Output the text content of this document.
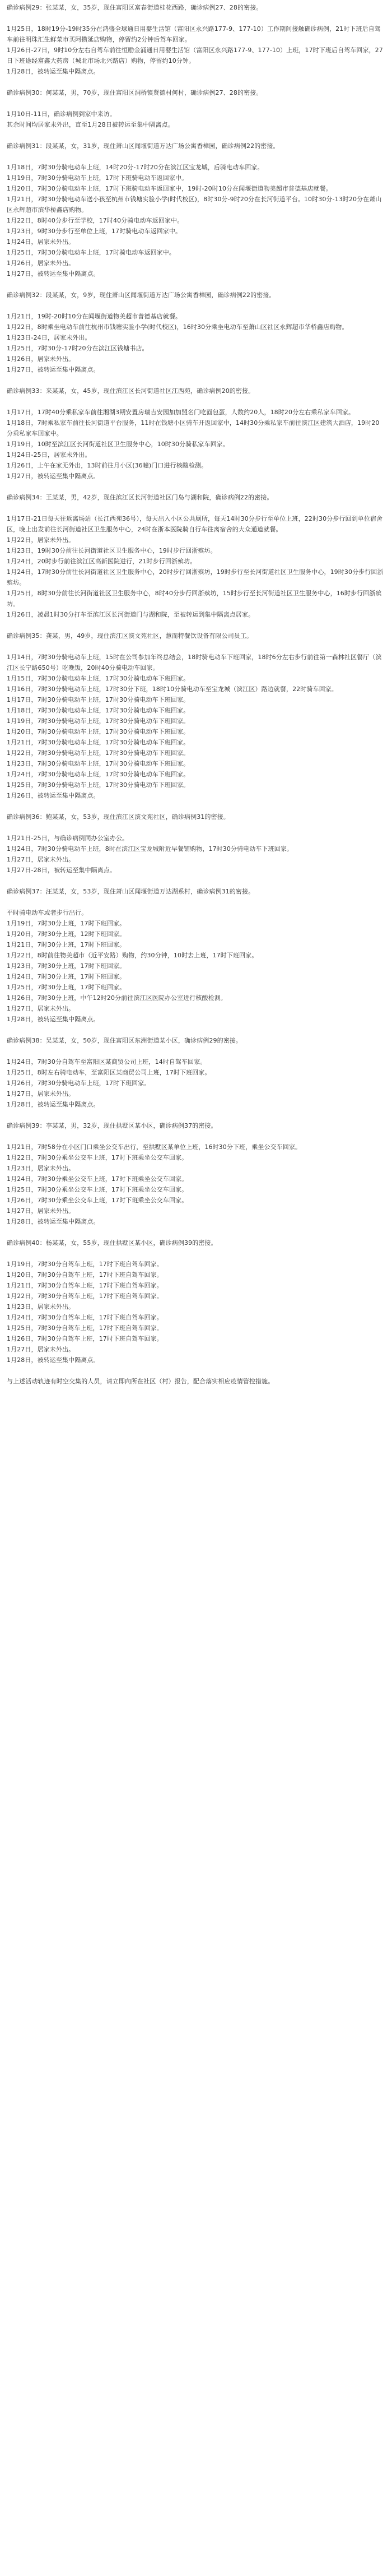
确诊病例29：张某某，女，35岁，现住富阳区富春街道桂花西路，确诊病例27、28的密接。

1月25日，18时19分-19时35分在鸿盛全球通日用婴生活馆（富阳区永兴路177-9、177-10）工作期间接触确诊病例，21时下班后自驾车前往明珠汇生鲜菜市买阿攒延店购物，停留约2分钟后驾车回家。
1月26日-27日，9时10分左右自驾车前往恒励金涌通日用婴生活馆（富阳区永兴路177-9、177-10）上班，17时下班后自驾车回家，27日下班途经富鑫大药房（城北市场北兴路店）购物，停留约10分钟。
1月28日，被转运至集中隔离点。

确诊病例30：何某某，男，70岁，现住富阳区洞桥镇贤德村何村，确诊病例27、28的密接。

1月10日-11日，确诊病例到家中来访。
其余时间均居家未外出，直至1月28日被转运至集中隔离点。

确诊病例31：段某某，女，31岁，现住萧山区闻堰街道万达广场公寓香樟园，确诊病例22的密接。

1月18日，7时30分骑电动车上班，14时20分-17时20分在滨江区宝龙城，后骑电动车回家。
1月19日，7时30分骑电动车上班，17时下班骑电动车返回家中。
1月20日，7时30分骑电动车上班，17时下班骑电动车返回家中，19时-20时10分在闻堰街道物美超市普德基店就餐。
1月21日，7时30分骑电动车送小孩至杭州市钱塘实验小学(时代校区)，8时30分-9时20分在长河街道平台。10时30分-13时20分在萧山区永辉超市滨华桥鑫店购物。

1月22日，8时40分步行至学校，17时40分骑电动车返回家中。
1月23日，9时30分步行至单位上班，17时骑电动车返回家中。
1月24日，居家未外出。
1月25日，7时30分骑电动车上班，17时骑电动车返回家中。
1月26日，居家未外出。
1月27日，被转运至集中隔离点。

确诊病例32：段某某，女，9岁，现住萧山区闻堰街道万达广场公寓香樟园，确诊病例22的密接。

1月21日，19时-20时10分在闻堰街道物美超市普德基店就餐。
1月22日，8时乘坐电动车前往杭州市钱塘实验小学(时代校区)，16时30分乘坐电动车至萧山区社区永辉超市华桥鑫店购物。
1月23日-24日，居家未外出。
1月25日，7时30分-17时20分在滨江区钱塘书店。
1月26日，居家未外出。
1月27日，被转运至集中隔离点。

确诊病例33：来某某，女，45岁，现住滨江区长河街道社区江西苑，确诊病例20的密接。

1月17日，17时40分乘私家车前往湘湖3期安置房瑞吉安园加加盟名门吃面包蛋，人数约20人，18时20分左右乘私家车回家。
1月18日，7时乘私家车前往长河街道平台服务，11时在钱塘小区骑车开返回家中，14时30分乘私家车前往滨江区建筑大酒店，19时20分乘私家车回家中。
1月19日，10时至滨江区长河街道社区卫生服务中心，10时30分骑私家车回家。
1月24日-25日，居家未外出。
1月26日，上午在家无外出，13时前往月小区(36幢)门口进行核酸检测。
1月27日，被转运至集中隔离点。

确诊病例34：王某某，男，42岁，现住滨江区长河街道社区门岛与湖和院，确诊病例22的密接。

1月17日-21日每天往返离场站（长江西苑36号），每天出入小区公共厕所，每天14时30分步行至单位上班，22时30分步行回到单位宿舍区，晚上出发前往长河街道社区卫生服务中心，24时在浙本医院骑自行车往离宿舍的大众通道就餐。
1月22日，居家未外出。
1月23日，19时30分前往长河街道社区卫生服务中心，19时步行回浙殡坊。
1月24日，20时步行前往滨江区高新医院进行，21时步行回浙殡坊。
1月24日，17时30分前往长河街道社区卫生服务中心，20时步行回浙殡坊，19时步行至长河街道社区卫生服务中心，19时30分步行回浙殡坊。
1月25日，8时30分前往长河街道社区卫生服务中心，8时40分步行回浙殡坊，15时步行至长河街道社区卫生服务中心，16时步行回浙殡坊。
1月26日，凌晨1时30分打车至滨江区长河街道门与湖和院，至被转运到集中隔离点居家。

确诊病例35：龚某，男，49岁，现住滨江区滨文苑社区，慧而特餐饮设备有限公司员工。

1月14日，7时30分骑电动车上班，15时在公司参加年终总结会，18时骑电动车下班回家，18时6分左右步行前往第一森林社区餐厅（滨江区长宁路650号）吃晚饭，20时40分骑电动车回家。
1月15日，7时30分骑电动车上班，17时30分骑电动车下班回家。
1月16日，7时30分骑电动车上班，17时30分下班，18时10分骑电动车至宝龙城（滨江区）路边就餐，22时骑车回家。
1月17日，7时30分骑电动车上班，17时30分骑电动车下班回家。
1月18日，7时30分骑电动车上班，17时30分骑电动车下班回家。
1月19日，7时30分骑电动车上班，17时30分骑电动车下班回家。
1月20日，7时30分骑电动车上班，17时30分骑电动车下班回家。
1月21日，7时30分骑电动车上班，17时30分骑电动车下班回家。
1月22日，7时30分骑电动车上班，17时30分骑电动车下班回家。
1月23日，7时30分骑电动车上班，17时30分骑电动车下班回家。
1月24日，7时30分骑电动车上班，17时30分骑电动车下班回家。
1月25日，7时30分骑电动车上班，17时30分骑电动车下班回家。
1月26日，被转运至集中隔离点。

确诊病例36：鲍某某，女，53岁，现住滨江区滨文苑社区，确诊病例31的密接。

1月21日-25日，与确诊病例同办公室办公。
1月24日，7时30分骑电动车上班，8时在滨江区宝龙城附近早餐铺购物，17时30分骑电动车下班回家。
1月27日，居家未外出。
1月27日-28日，被转运至集中隔离点。

确诊病例37：汪某某，女，53岁，现住萧山区闻堰街道万达湖系村，确诊病例31的密接。

平时骑电动车或者步行出行。
1月19日，7时30分上班，17时下班回家。
1月20日，7时30分上班，12时下班回家。
1月21日，7时30分上班，17时下班回家。
1月22日，8时前往物美超市（近平安路）购物，约30分钟，10时去上班，17时下班回家。
1月23日，7时30分上班，17时下班回家。
1月24日，7时30分上班，17时下班回家。
1月25日，7时30分上班，17时下班回家。
1月26日，7时30分上班，中午12时20分前往滨江区医院办公室进行核酸检测。
1月27日，居家未外出。
1月28日，被转运至集中隔离点。

确诊病例38：吴某某，女，50岁，现住富阳区东洲街道某小区，确诊病例29的密接。

1月24日，7时30分自驾车至富阳区某商贸公司上班，14时自驾车回家。
1月25日，8时左右骑电动车，至富阳区某商贸公司上班，17时下班回家。
1月26日，7时30分骑电动车上班，17时下班回家。
1月27日，居家未外出。
1月28日，被转运至集中隔离点。

确诊病例39：李某某，男，32岁，现住拱墅区某小区，确诊病例37的密接。

1月21日，7时58分在小区门口乘坐公交车出行，至拱墅区某单位上班，16时30分下班，乘坐公交车回家。
1月22日，7时30分乘坐公交车上班，17时下班乘坐公交车回家。
1月23日，居家未外出。
1月24日，7时30分乘坐公交车上班，17时下班乘坐公交车回家。
1月25日，7时30分乘坐公交车上班，17时下班乘坐公交车回家。
1月26日，7时30分乘坐公交车上班，17时下班乘坐公交车回家。
1月27日，居家未外出。
1月28日，被转运至集中隔离点。

确诊病例40：杨某某，女，55岁，现住拱墅区某小区，确诊病例39的密接。

1月19日，7时30分自驾车上班，17时下班自驾车回家。
1月20日，7时30分自驾车上班，17时下班自驾车回家。
1月21日，7时30分自驾车上班，17时下班自驾车回家。
1月22日，7时30分自驾车上班，17时下班自驾车回家。
1月23日，居家未外出。
1月24日，7时30分自驾车上班，17时下班自驾车回家。
1月25日，7时30分自驾车上班，17时下班自驾车回家。
1月26日，7时30分自驾车上班，17时下班自驾车回家。
1月27日，居家未外出。
1月28日，被转运至集中隔离点。

与上述活动轨迹有时空交集的人员，请立即向所在社区（村）报告，配合落实相应疫情管控措施。
